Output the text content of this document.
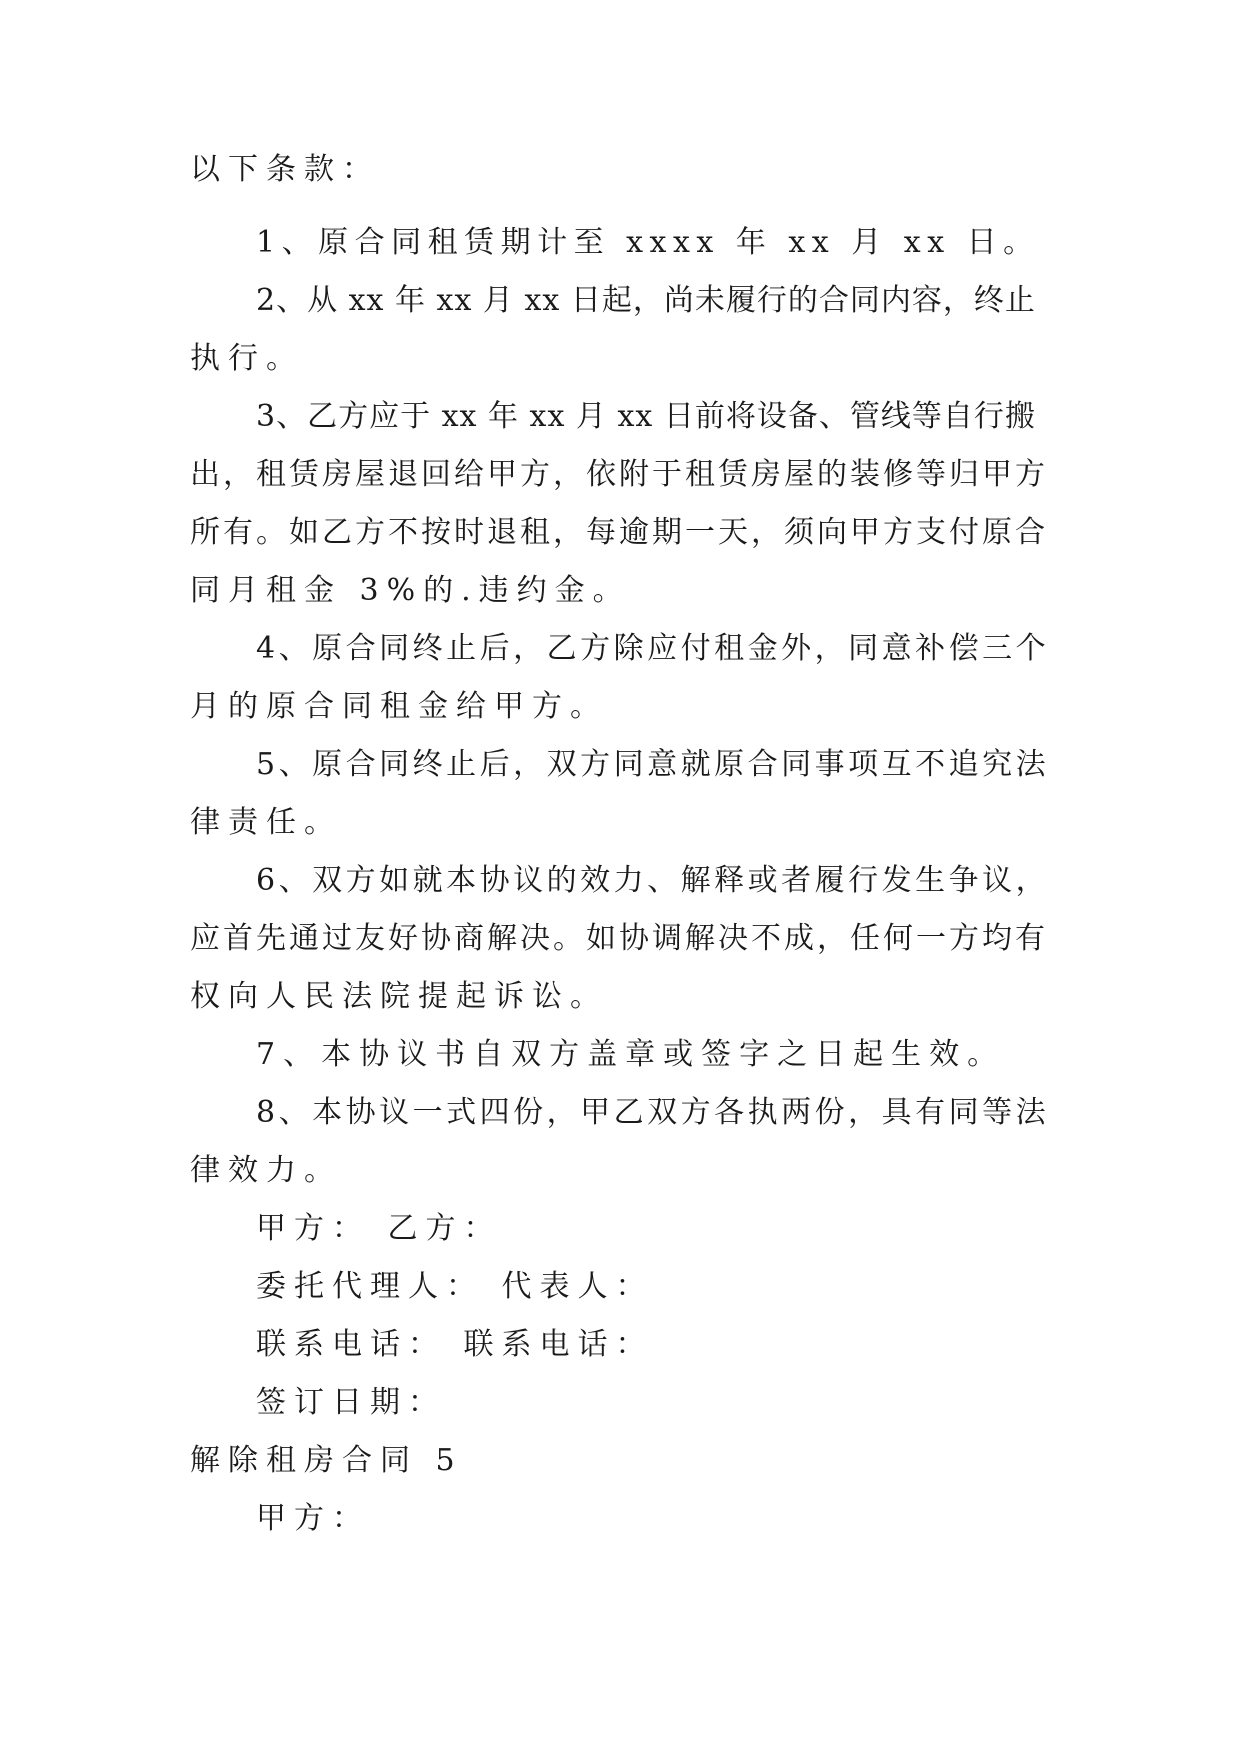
以下条款：
1、原合同租赁期计至 xxxx 年 xx 月 xx 日。
2、从 xx 年 xx 月 xx 日起，尚未履行的合同内容，终止
执行。
3、乙方应于 xx 年 xx 月 xx 日前将设备、管线等自行搬
出，租赁房屋退回给甲方，依附于租赁房屋的装修等归甲方
所有。如乙方不按时退租，每逾期一天，须向甲方支付原合
同月租金 3%的.违约金。
4、原合同终止后，乙方除应付租金外，同意补偿三个
月的原合同租金给甲方。
5、原合同终止后，双方同意就原合同事项互不追究法
律责任。
6、双方如就本协议的效力、解释或者履行发生争议，
应首先通过友好协商解决。如协调解决不成，任何一方均有
权向人民法院提起诉讼。
7、本协议书自双方盖章或签字之日起生效。
8、本协议一式四份，甲乙双方各执两份，具有同等法
律效力。
甲方： 乙方：
委托代理人： 代表人：
联系电话： 联系电话：
签订日期：
解除租房合同 5
甲方：
